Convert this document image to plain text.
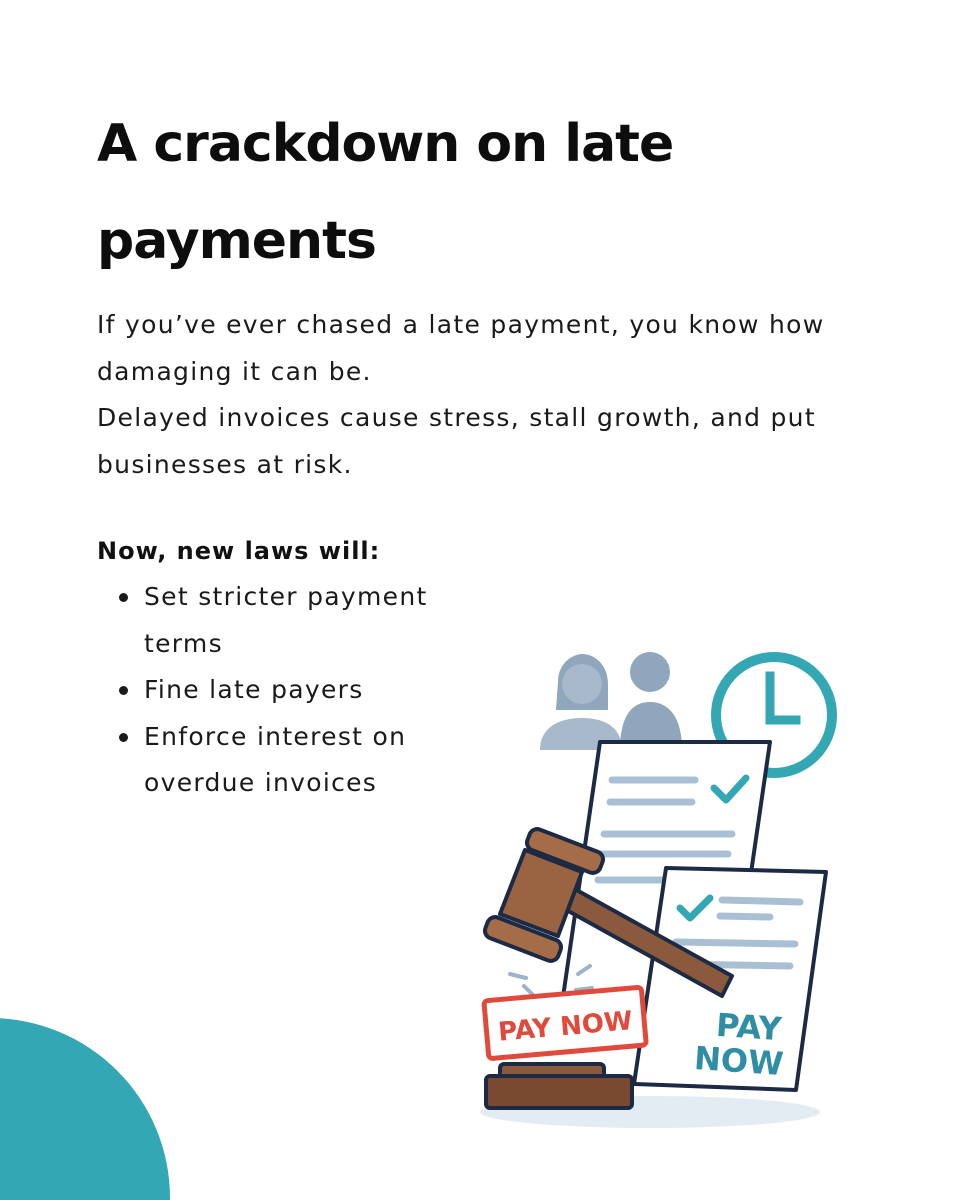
A crackdown on late payments

If you’ve ever chased a late payment, you know how damaging it can be.

Delayed invoices cause stress, stall growth, and put businesses at risk.

Now, new laws will:
Set stricter payment terms
Fine late payers
Enforce interest on overdue invoices
PAY
NOW
PAY NOW
